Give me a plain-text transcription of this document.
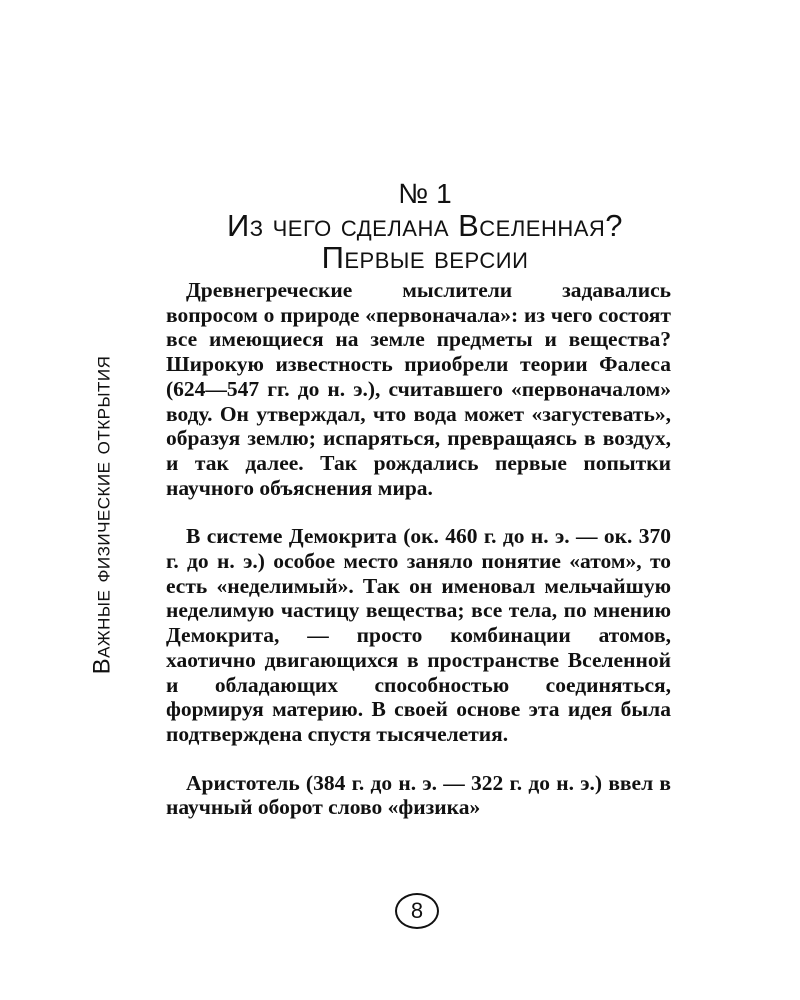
Важные физические открытия
№ 1
Из чего сделана Вселенная?
Первые версии

Древнегреческие мыслители задавались вопросом о природе «первоначала»: из чего состоят все имеющиеся на земле предметы и вещества? Широкую известность приобрели теории Фалеса (624—547 гг. до н. э.), считавшего «первоначалом» воду. Он утверждал, что вода может «загустевать», образуя землю; испаряться, превращаясь в воздух, и так далее. Так рождались первые попытки научного объяснения мира.

В системе Демокрита (ок. 460 г. до н. э. — ок. 370 г. до н. э.) особое место заняло понятие «атом», то есть «неделимый». Так он именовал мельчайшую неделимую частицу вещества; все тела, по мнению Демокрита, — просто комбинации атомов, хаотично двигающихся в пространстве Вселенной и обладающих способностью соединяться, формируя материю. В своей основе эта идея была подтверждена спустя тысячелетия.

Аристотель (384 г. до н. э. — 322 г. до н. э.) ввел в научный оборот слово «физика»

8
